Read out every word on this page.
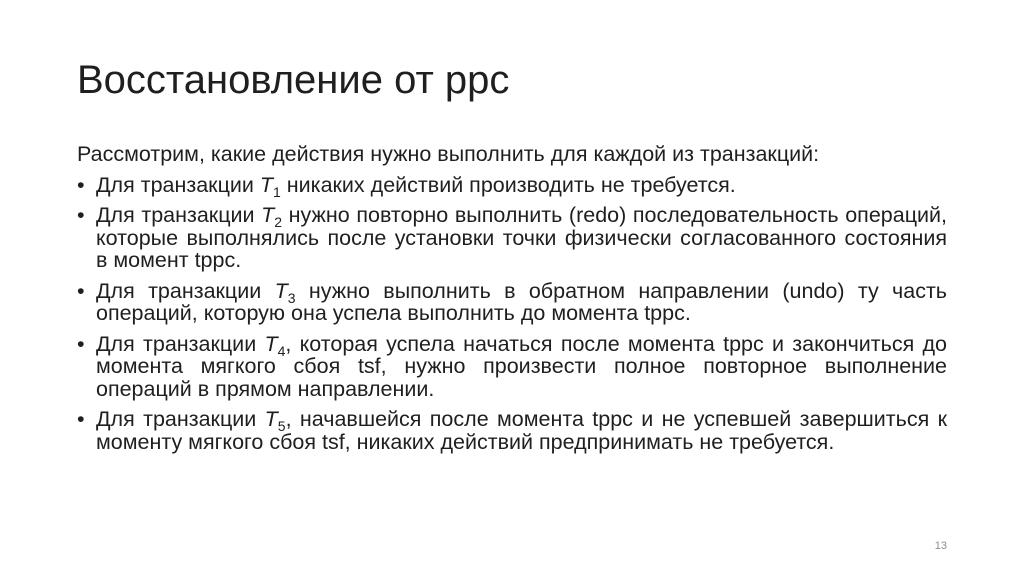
Восстановление от ppc

Рассмотрим, какие действия нужно выполнить для каждой из транзакций:

• Для транзакции $T_1$ никаких действий производить не требуется.
• Для транзакции $T_2$ нужно повторно выполнить (redo) последовательность операций, которые выполнялись после установки точки физически согласованного состояния в момент tppc.
• Для транзакции $T_3$ нужно выполнить в обратном направлении (undo) ту часть операций, которую она успела выполнить до момента tppc.
• Для транзакции $T_4$, которая успела начаться после момента tppc и закончиться до момента мягкого сбоя tsf, нужно произвести полное повторное выполнение операций в прямом направлении.
• Для транзакции $T_5$, начавшейся после момента tppc и не успевшей завершиться к моменту мягкого сбоя tsf, никаких действий предпринимать не требуется.
13
